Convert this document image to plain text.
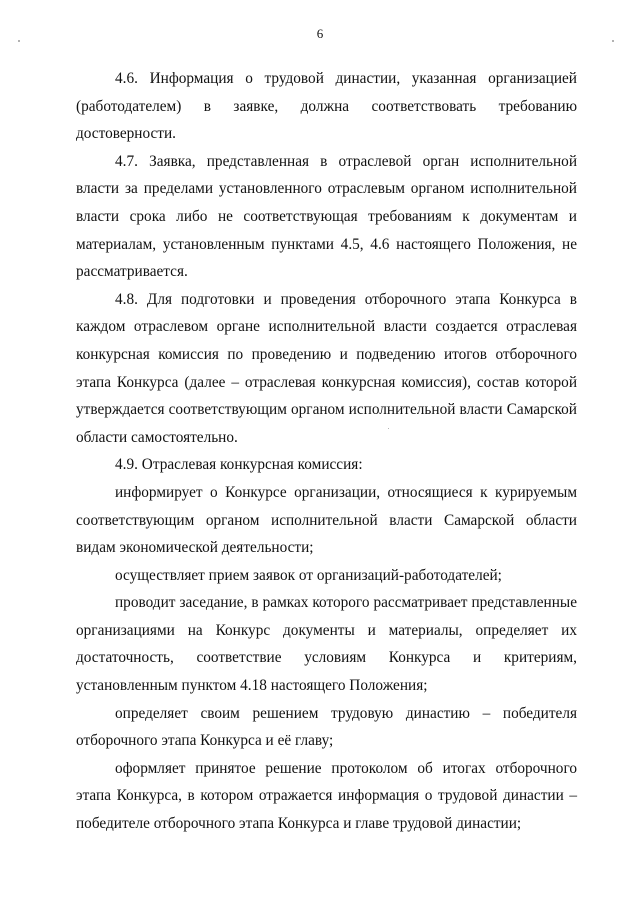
6

4.6. Информация о трудовой династии, указанная организацией (работодателем) в заявке, должна соответствовать требованию достоверности.

4.7. Заявка, представленная в отраслевой орган исполнительной власти за пределами установленного отраслевым органом исполнительной власти срока либо не соответствующая требованиям к документам и материалам, установленным пунктами 4.5, 4.6 настоящего Положения, не рассматривается.

4.8. Для подготовки и проведения отборочного этапа Конкурса в каждом отраслевом органе исполнительной власти создается отраслевая конкурсная комиссия по проведению и подведению итогов отборочного этапа Конкурса (далее – отраслевая конкурсная комиссия), состав которой утверждается соответствующим органом исполнительной власти Самарской области самостоятельно.

4.9. Отраслевая конкурсная комиссия:

информирует о Конкурсе организации, относящиеся к курируемым соответствующим органом исполнительной власти Самарской области видам экономической деятельности;

осуществляет прием заявок от организаций-работодателей;

проводит заседание, в рамках которого рассматривает представленные организациями на Конкурс документы и материалы, определяет их достаточность, соответствие условиям Конкурса и критериям, установленным пунктом 4.18 настоящего Положения;

определяет своим решением трудовую династию – победителя отборочного этапа Конкурса и её главу;

оформляет принятое решение протоколом об итогах отборочного этапа Конкурса, в котором отражается информация о трудовой династии – победителе отборочного этапа Конкурса и главе трудовой династии;
